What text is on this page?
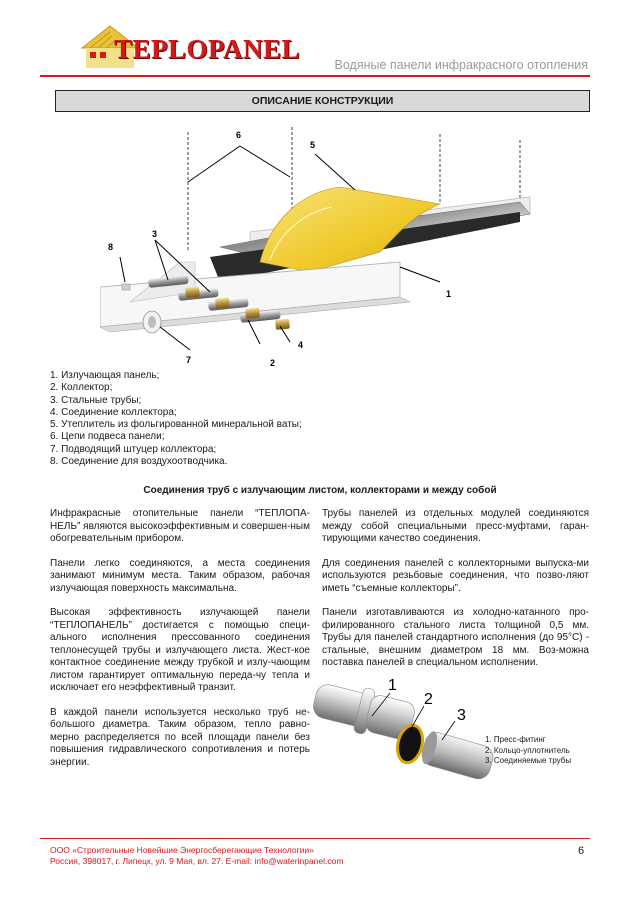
TEPLOPANEL
Водяные панели инфракрасного отопления
ОПИСАНИЕ КОНСТРУКЦИИ
6
5
3
8
1
4
2
7
1. Излучающая панель;
2. Коллектор;
3. Стальные трубы;
4. Соединение коллектора;
5. Утеплитель из фольгированной минеральной ваты;
6. Цепи подвеса панели;
7. Подводящий штуцер коллектора;
8. Соединение для воздухоотводчика.
Соединения труб с излучающим листом, коллекторами и между собой

Инфракрасные отопительные панели “ТЕПЛОПА-НЕЛЬ” являются высокоэффективным и совершен-ным обогревательным прибором.

Панели легко соединяются, а места соединения занимают минимум места. Таким образом, рабочая излучающая поверхность максимальна.

Высокая эффективность излучающей панели “ТЕПЛОПАНЕЛЬ” достигается с помощью специ-ального исполнения прессованного соединения теплонесущей трубы и излучающего листа. Жест-кое контактное соединение между трубкой и излу-чающим листом гарантирует оптимальную переда-чу тепла и исключает его неэффективный транзит.

В каждой панели используется несколько труб не-большого диаметра. Таким образом, тепло равно-мерно распределяется по всей площади панели без повышения гидравлического сопротивления и потерь энергии.

Трубы панелей из отдельных модулей соединяются между собой специальными пресс-муфтами, гаран-тирующими качество соединения.

Для соединения панелей с коллекторными выпуска-ми используются резьбовые соединения, что позво-ляют иметь “съемные коллекторы”.

Панели изготавливаются из холодно-катанного про-филированного стального листа толщиной 0,5 мм. Трубы для панелей стандартного исполнения (до 95°С) - стальные, внешним диаметром 18 мм. Воз-можна поставка панелей в специальном исполнении.

1
2
3
1. Пресс-фитинг
2. Кольцо-уплотнитель
3. Соединяемые трубы
ООО «Строительные Новейшие Энергосберегающие Технологии»
Россия, 398017, г. Липецк, ул. 9 Мая, вл. 27. E-mail: info@waterinpanel.com
6
